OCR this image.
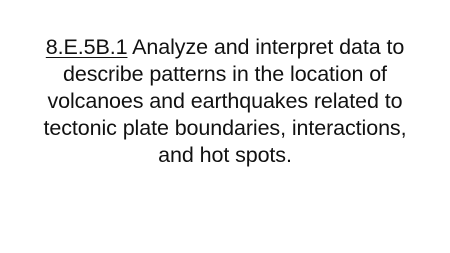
8.E.5B.1 Analyze and interpret data to describe patterns in the location of volcanoes and earthquakes related to tectonic plate boundaries, interactions, and hot spots.
